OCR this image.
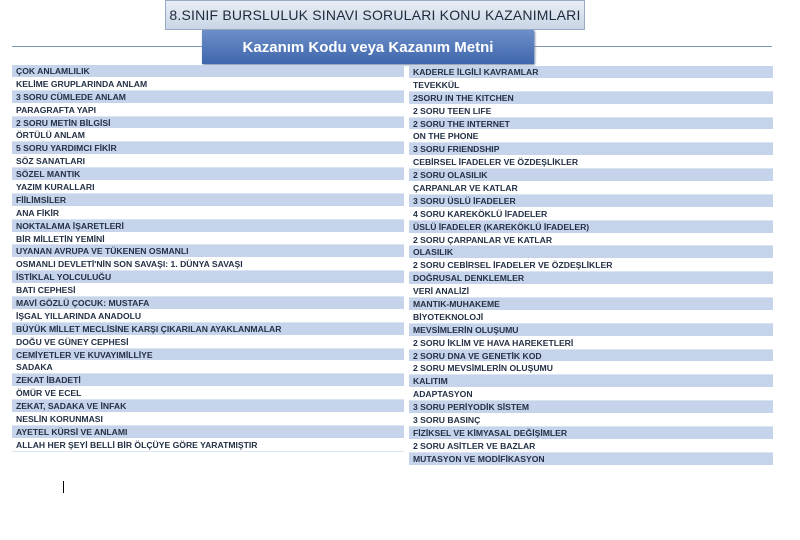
8.SINIF BURSLULUK SINAVI SORULARI KONU KAZANIMLARI
Kazanım Kodu veya Kazanım Metni
ÇOK ANLAMLILIK
KELİME GRUPLARINDA ANLAM
3 SORU CÜMLEDE ANLAM
PARAGRAFTA YAPI
2 SORU METİN BİLGİSİ
ÖRTÜLÜ ANLAM
5 SORU YARDIMCI FİKİR
SÖZ SANATLARI
SÖZEL MANTIK
YAZIM KURALLARI
FİİLİMSİLER
ANA FİKİR
NOKTALAMA İŞARETLERİ
BİR MİLLETİN YEMİNİ
UYANAN AVRUPA VE TÜKENEN OSMANLI
OSMANLI DEVLETİ'NİN SON SAVAŞI: 1. DÜNYA SAVAŞI
İSTİKLAL YOLCULUĞU
BATI CEPHESİ
MAVİ GÖZLÜ ÇOCUK: MUSTAFA
İŞGAL YILLARINDA ANADOLU
BÜYÜK MİLLET MECLİSİNE KARŞI ÇIKARILAN AYAKLANMALAR
DOĞU VE GÜNEY CEPHESİ
CEMİYETLER VE KUVAYIMİLLİYE
SADAKA
ZEKAT İBADETİ
ÖMÜR VE ECEL
ZEKAT, SADAKA VE İNFAK
NESLİN KORUNMASI
AYETEL KÜRSİ VE ANLAMI
ALLAH HER ŞEYİ BELLİ BİR ÖLÇÜYE GÖRE YARATMIŞTIR
KADERLE İLGİLİ KAVRAMLAR
TEVEKKÜL
2SORU IN THE KITCHEN
2 SORU TEEN LIFE
2 SORU THE INTERNET
ON THE PHONE
3 SORU FRIENDSHIP
CEBİRSEL İFADELER VE ÖZDEŞLİKLER
2 SORU OLASILIK
ÇARPANLAR VE KATLAR
3 SORU ÜSLÜ İFADELER
4 SORU KAREKÖKLÜ İFADELER
ÜSLÜ İFADELER (KAREKÖKLÜ İFADELER)
2 SORU ÇARPANLAR VE KATLAR
OLASILIK
2 SORU CEBİRSEL İFADELER VE ÖZDEŞLİKLER
DOĞRUSAL DENKLEMLER
VERİ ANALİZİ
MANTIK-MUHAKEME
BİYOTEKNOLOJİ
MEVSİMLERİN OLUŞUMU
2 SORU İKLİM VE HAVA HAREKETLERİ
2 SORU DNA VE GENETİK KOD
2 SORU MEVSİMLERİN OLUŞUMU
KALITIM
ADAPTASYON
3 SORU PERİYODİK SİSTEM
3 SORU BASINÇ
FİZİKSEL VE KİMYASAL DEĞİŞİMLER
2 SORU ASİTLER VE BAZLAR
MUTASYON VE MODİFİKASYON
